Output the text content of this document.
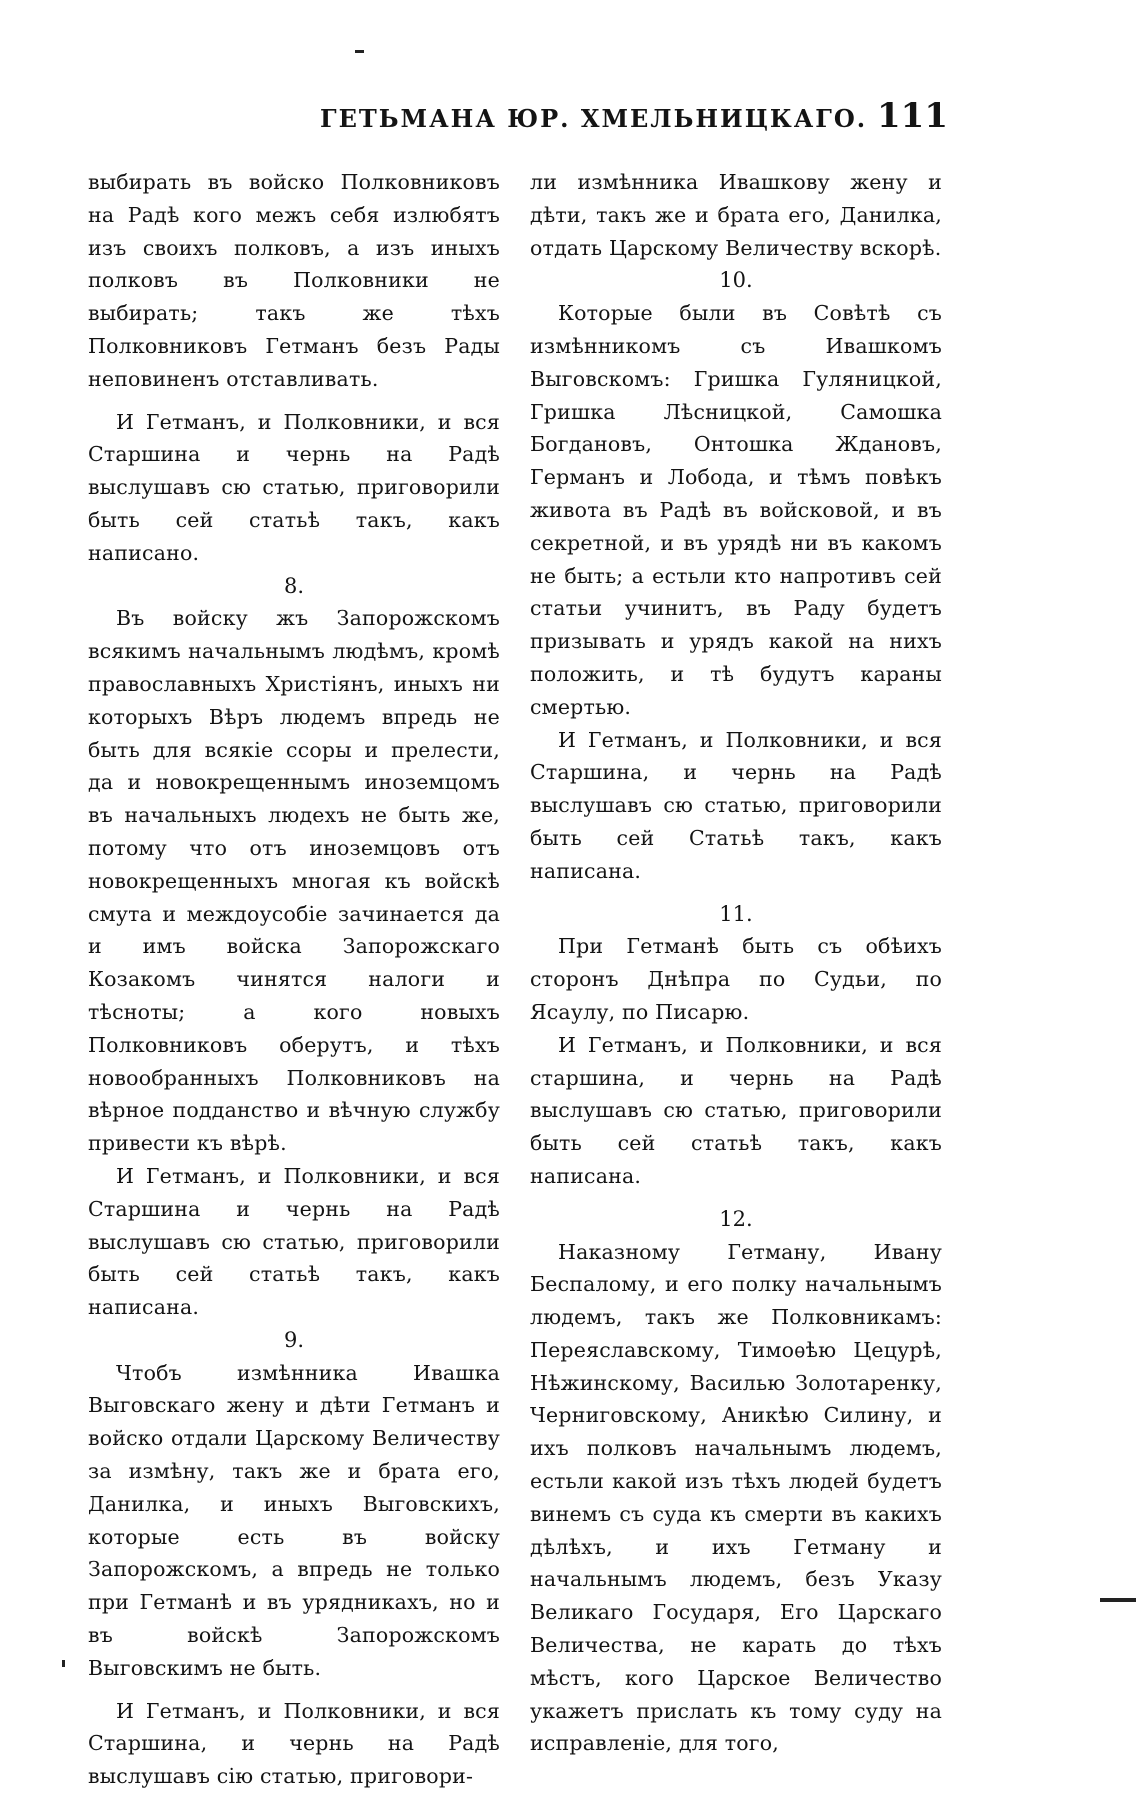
ГЕТЬМАНА ЮР. ХМЕЛЬНИЦКАГО. 111

выбирать въ войско Полковниковъ на Радѣ кого межъ себя излюбятъ изъ своихъ полковъ, а изъ иныхъ полковъ въ Полковники не выбирать; такъ же тѣхъ Полковниковъ Гетманъ безъ Рады неповиненъ отставливать.

И Гетманъ, и Полковники, и вся Старшина и чернь на Радѣ выслушавъ сю статью, приговорили быть сей статьѣ такъ, какъ написано.

8.

Въ войску жъ Запорожскомъ всякимъ начальнымъ людѣмъ, кромѣ православныхъ Христіянъ, иныхъ ни которыхъ Вѣръ людемъ впредь не быть для всякіе ссоры и прелести, да и новокрещеннымъ иноземцомъ въ начальныхъ людехъ не быть же, потому что отъ иноземцовъ отъ новокрещенныхъ многая къ войскѣ смута и междоусобіе зачинается да и имъ войска Запорожскаго Козакомъ чинятся налоги и тѣсноты; а кого новыхъ Полковниковъ оберутъ, и тѣхъ новообранныхъ Полковниковъ на вѣрное подданство и вѣчную службу привести къ вѣрѣ.

И Гетманъ, и Полковники, и вся Старшина и чернь на Радѣ выслушавъ сю статью, приговорили быть сей статьѣ такъ, какъ написана.

9.

Чтобъ измѣнника Ивашка Выговскаго жену и дѣти Гетманъ и войско отдали Царскому Величеству за измѣну, такъ же и брата его, Данилка, и иныхъ Выговскихъ, которые есть въ войску Запорожскомъ, а впредь не только при Гетманѣ и въ урядникахъ, но и въ войскѣ Запорожскомъ Выговскимъ не быть.

И Гетманъ, и Полковники, и вся Старшина, и чернь на Радѣ выслушавъ сію статью, приговори-

ли измѣнника Ивашкову жену и дѣти, такъ же и брата его, Данилка, отдать Царскому Величеству вскорѣ.

10.

Которые были въ Совѣтѣ съ измѣнникомъ съ Ивашкомъ Выговскомъ: Гришка Гуляницкой, Гришка Лѣсницкой, Самошка Богдановъ, Онтошка Ждановъ, Германъ и Лобода, и тѣмъ повѣкъ живота въ Радѣ въ войсковой, и въ секретной, и въ урядѣ ни въ какомъ не быть; а естьли кто напротивъ сей статьи учинитъ, въ Раду будетъ призывать и урядъ какой на нихъ положить, и тѣ будутъ караны смертью.

И Гетманъ, и Полковники, и вся Старшина, и чернь на Радѣ выслушавъ сю статью, приговорили быть сей Статьѣ такъ, какъ написана.

11.

При Гетманѣ быть съ обѣихъ сторонъ Днѣпра по Судьи, по Ясаулу, по Писарю.

И Гетманъ, и Полковники, и вся старшина, и чернь на Радѣ выслушавъ сю статью, приговорили быть сей статьѣ такъ, какъ написана.

12.

Наказному Гетману, Ивану Беспалому, и его полку начальнымъ людемъ, такъ же Полковникамъ: Переяславскому, Тимоѳѣю Цецурѣ, Нѣжинскому, Василью Золотаренку, Черниговскому, Аникѣю Силину, и ихъ полковъ начальнымъ людемъ, естьли какой изъ тѣхъ людей будетъ винемъ съ суда къ смерти въ какихъ дѣлѣхъ, и ихъ Гетману и начальнымъ людемъ, безъ Указу Великаго Государя, Его Царскаго Величества, не карать до тѣхъ мѣстъ, кого Царское Величество укажетъ прислать къ тому суду на исправленіе, для того,
